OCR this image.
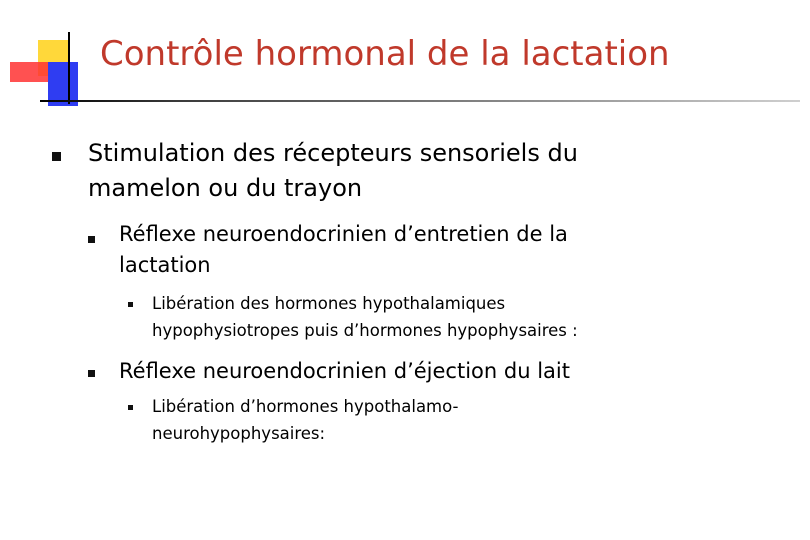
Contrôle hormonal de la lactation
Stimulation des récepteurs sensoriels du
mamelon ou du trayon
Réflexe neuroendocrinien d’entretien de la
lactation
Libération des hormones hypothalamiques
hypophysiotropes puis d’hormones hypophysaires :
Réflexe neuroendocrinien d’éjection du lait
Libération d’hormones hypothalamo-
neurohypophysaires:
